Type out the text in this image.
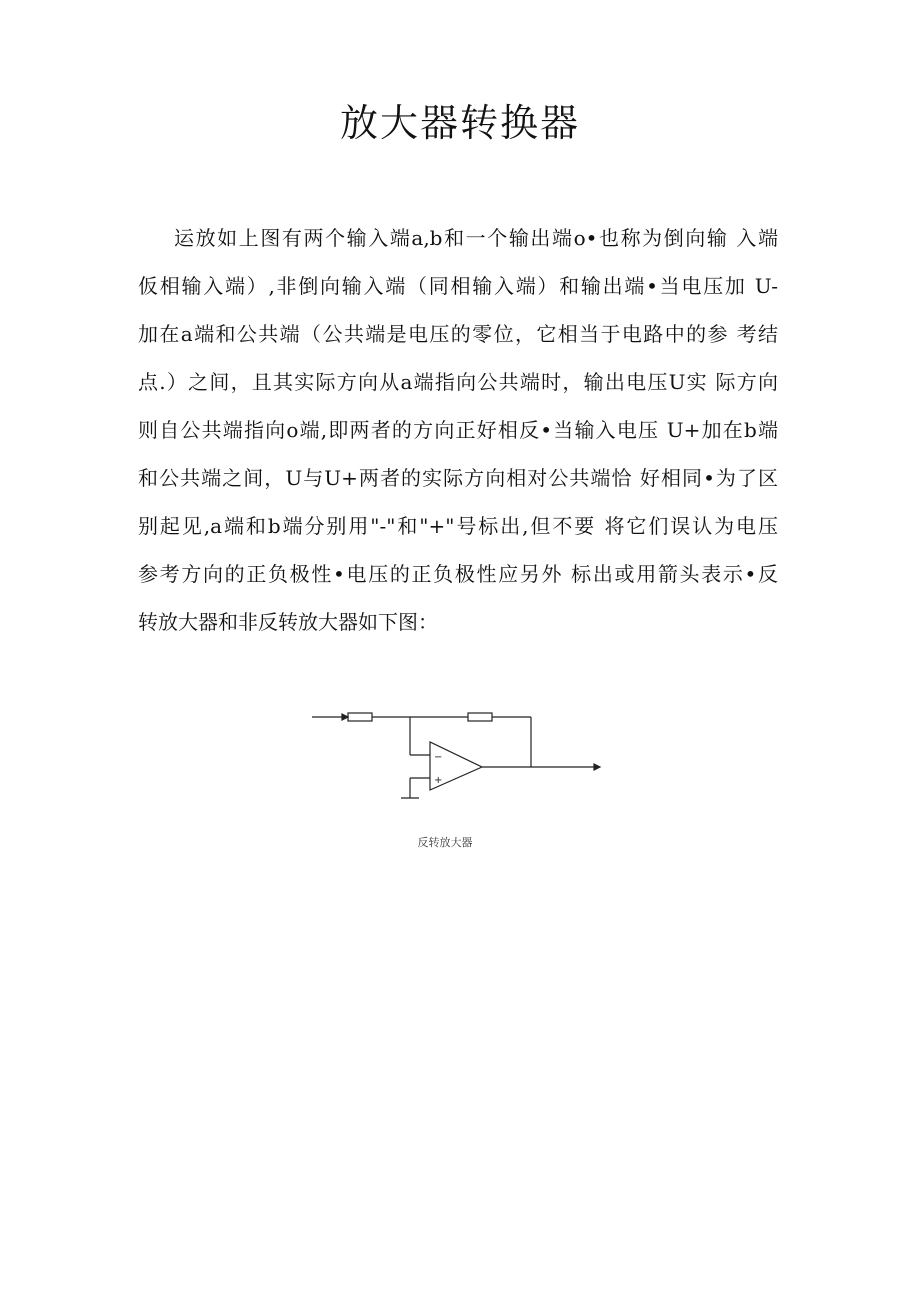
放大器转换器
运放如上图有两个输入端a,b和一个输出端o•也称为倒向输 入端
仮相输入端）,非倒向输入端（同相输入端）和输出端•当电压加 U-
加在a端和公共端（公共端是电压的零位，它相当于电路中的参 考结
点.）之间，且其实际方向从a端指向公共端时，输出电压U实 际方向
则自公共端指向o端,即两者的方向正好相反•当输入电压 U+加在b端
和公共端之间，U与U+两者的实际方向相对公共端恰 好相同•为了区
别起见,a端和b端分别用"-"和"+"号标出,但不要 将它们误认为电压
参考方向的正负极性•电压的正负极性应另外 标出或用箭头表示•反
转放大器和非反转放大器如下图：
−
+
反转放大器
